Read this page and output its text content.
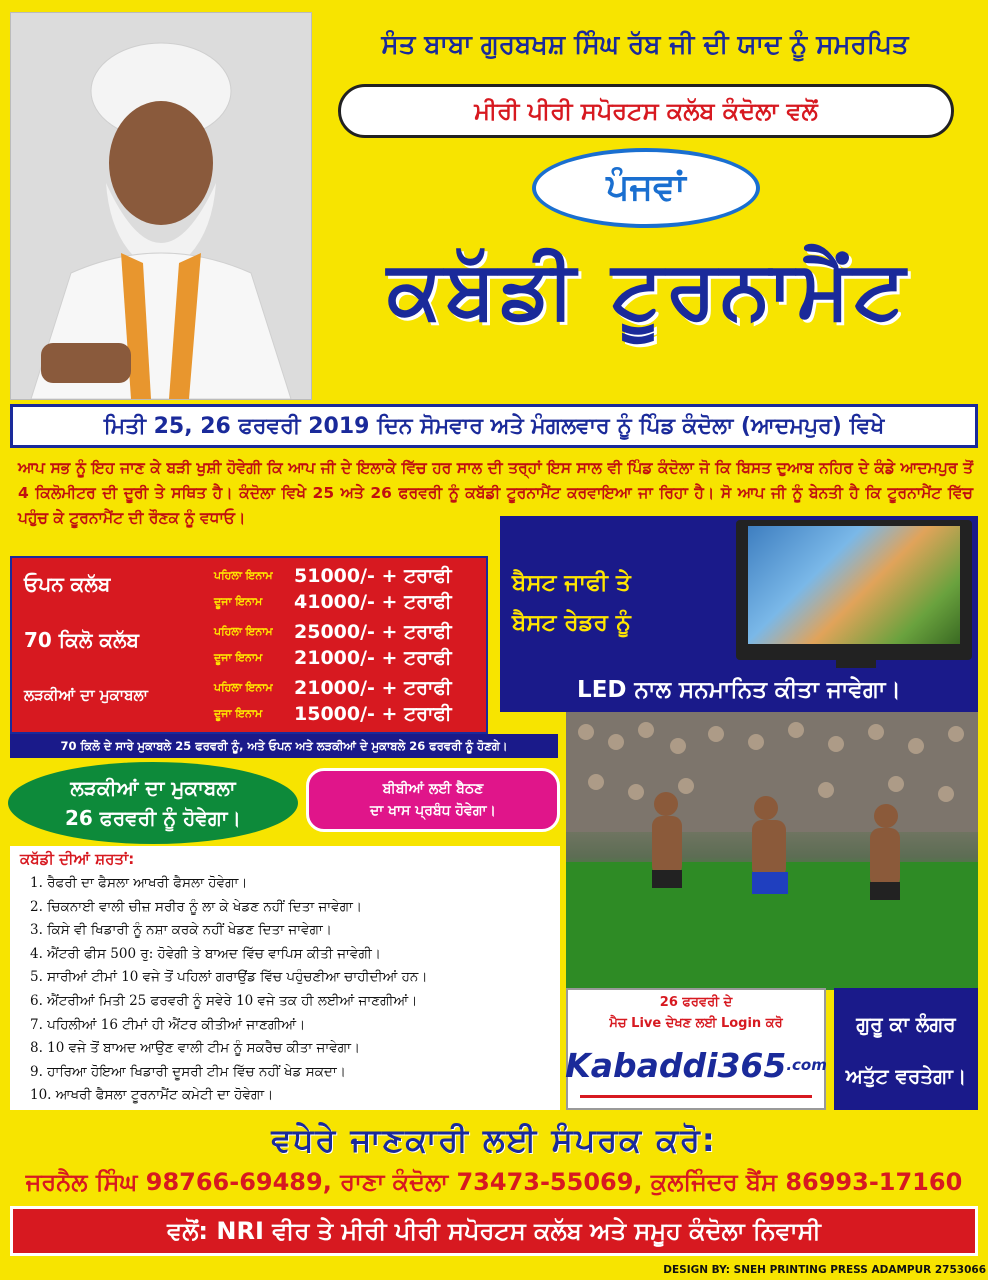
ਸੰਤ ਬਾਬਾ ਗੁਰਬਖਸ਼ ਸਿੰਘ ਰੱਬ ਜੀ ਦੀ ਯਾਦ ਨੂੰ ਸਮਰਪਿਤ
ਮੀਰੀ ਪੀਰੀ ਸਪੋਰਟਸ ਕਲੱਬ ਕੰਦੋਲਾ ਵਲੋਂ
ਪੰਜਵਾਂ
ਕਬੱਡੀ ਟੂਰਨਾਮੈਂਟ
ਮਿਤੀ 25, 26 ਫਰਵਰੀ 2019 ਦਿਨ ਸੋਮਵਾਰ ਅਤੇ ਮੰਗਲਵਾਰ ਨੂੰ ਪਿੰਡ ਕੰਦੋਲਾ (ਆਦਮਪੁਰ) ਵਿਖੇ
ਆਪ ਸਭ ਨੂੰ ਇਹ ਜਾਣ ਕੇ ਬੜੀ ਖੁਸ਼ੀ ਹੋਵੇਗੀ ਕਿ ਆਪ ਜੀ ਦੇ ਇਲਾਕੇ ਵਿੱਚ ਹਰ ਸਾਲ ਦੀ ਤਰ੍ਹਾਂ ਇਸ ਸਾਲ ਵੀ ਪਿੰਡ ਕੰਦੋਲਾ ਜੋ ਕਿ ਬਿਸਤ ਦੁਆਬ ਨਹਿਰ ਦੇ ਕੰਡੇ ਆਦਮਪੁਰ ਤੋਂ 4 ਕਿਲੋਮੀਟਰ ਦੀ ਦੂਰੀ ਤੇ ਸਥਿਤ ਹੈ। ਕੰਦੋਲਾ ਵਿਖੇ 25 ਅਤੇ 26 ਫਰਵਰੀ ਨੂੰ ਕਬੱਡੀ ਟੂਰਨਾਮੈਂਟ ਕਰਵਾਇਆ ਜਾ ਰਿਹਾ ਹੈ। ਸੋ ਆਪ ਜੀ ਨੂੰ ਬੇਨਤੀ ਹੈ ਕਿ ਟੂਰਨਾਮੈਂਟ ਵਿੱਚ ਪਹੁੰਚ ਕੇ ਟੂਰਨਾਮੈਂਟ ਦੀ ਰੌਣਕ ਨੂੰ ਵਧਾਓ।
ਓਪਨ ਕਲੱਬ	ਪਹਿਲਾ ਇਨਾਮ	51000/- + ਟਰਾਫੀ
ਦੂਜਾ ਇਨਾਮ	41000/- + ਟਰਾਫੀ
70 ਕਿਲੋ ਕਲੱਬ	ਪਹਿਲਾ ਇਨਾਮ	25000/- + ਟਰਾਫੀ
ਦੂਜਾ ਇਨਾਮ	21000/- + ਟਰਾਫੀ
ਲੜਕੀਆਂ ਦਾ ਮੁਕਾਬਲਾ	ਪਹਿਲਾ ਇਨਾਮ	21000/- + ਟਰਾਫੀ
ਦੂਜਾ ਇਨਾਮ	15000/- + ਟਰਾਫੀ
ਬੈਸਟ ਜਾਫੀ ਤੇ
ਬੈਸਟ ਰੇਡਰ ਨੂੰ
LED ਨਾਲ ਸਨਮਾਨਿਤ ਕੀਤਾ ਜਾਵੇਗਾ।
70 ਕਿਲੋ ਦੇ ਸਾਰੇ ਮੁਕਾਬਲੇ 25 ਫਰਵਰੀ ਨੂੰ, ਅਤੇ ਓਪਨ ਅਤੇ ਲੜਕੀਆਂ ਦੇ ਮੁਕਾਬਲੇ 26 ਫਰਵਰੀ ਨੂੰ ਹੋਣਗੇ।
ਲੜਕੀਆਂ ਦਾ ਮੁਕਾਬਲਾ
26 ਫਰਵਰੀ ਨੂੰ ਹੋਵੇਗਾ।
ਬੀਬੀਆਂ ਲਈ ਬੈਠਣ
ਦਾ ਖਾਸ ਪ੍ਰਬੰਧ ਹੋਵੇਗਾ।
ਕਬੱਡੀ ਦੀਆਂ ਸ਼ਰਤਾਂ:
1. ਰੈਫਰੀ ਦਾ ਫੈਸਲਾ ਆਖਰੀ ਫੈਸਲਾ ਹੋਵੇਗਾ।
2. ਚਿਕਨਾਈ ਵਾਲੀ ਚੀਜ਼ ਸਰੀਰ ਨੂੰ ਲਾ ਕੇ ਖੇਡਣ ਨਹੀਂ ਦਿਤਾ ਜਾਵੇਗਾ।
3. ਕਿਸੇ ਵੀ ਖਿਡਾਰੀ ਨੂੰ ਨਸ਼ਾ ਕਰਕੇ ਨਹੀਂ ਖੇਡਣ ਦਿਤਾ ਜਾਵੇਗਾ।
4. ਐਂਟਰੀ ਫੀਸ 500 ਰੁ: ਹੋਵੇਗੀ ਤੇ ਬਾਅਦ ਵਿੱਚ ਵਾਪਿਸ ਕੀਤੀ ਜਾਵੇਗੀ।
5. ਸਾਰੀਆਂ ਟੀਮਾਂ 10 ਵਜੇ ਤੋਂ ਪਹਿਲਾਂ ਗਰਾਉਂਡ ਵਿੱਚ ਪਹੁੰਚਣੀਆ ਚਾਹੀਦੀਆਂ ਹਨ।
6. ਐਂਟਰੀਆਂ ਮਿਤੀ 25 ਫਰਵਰੀ ਨੂੰ ਸਵੇਰੇ 10 ਵਜੇ ਤਕ ਹੀ ਲਈਆਂ ਜਾਣਗੀਆਂ।
7. ਪਹਿਲੀਆਂ 16 ਟੀਮਾਂ ਹੀ ਐਂਟਰ ਕੀਤੀਆਂ ਜਾਣਗੀਆਂ।
8. 10 ਵਜੇ ਤੋਂ ਬਾਅਦ ਆਉਣ ਵਾਲੀ ਟੀਮ ਨੂੰ ਸਕਰੈਚ ਕੀਤਾ ਜਾਵੇਗਾ।
9. ਹਾਰਿਆ ਹੋਇਆ ਖਿਡਾਰੀ ਦੂਸਰੀ ਟੀਮ ਵਿੱਚ ਨਹੀਂ ਖੇਡ ਸਕਦਾ।
10. ਆਖਰੀ ਫੈਸਲਾ ਟੂਰਨਾਮੈਂਟ ਕਮੇਟੀ ਦਾ ਹੋਵੇਗਾ।
26 ਫਰਵਰੀ ਦੇ
ਮੈਚ Live ਦੇਖਣ ਲਈ Login ਕਰੋ
Kabaddi365 .com
ਗੁਰੂ ਕਾ ਲੰਗਰ
ਅਤੁੱਟ ਵਰਤੇਗਾ।
ਵਧੇਰੇ ਜਾਣਕਾਰੀ ਲਈ ਸੰਪਰਕ ਕਰੋ:
ਜਰਨੈਲ ਸਿੰਘ 98766-69489, ਰਾਣਾ ਕੰਦੋਲਾ 73473-55069, ਕੁਲਜਿੰਦਰ ਬੈਂਸ 86993-17160
ਵਲੋਂ: NRI ਵੀਰ ਤੇ ਮੀਰੀ ਪੀਰੀ ਸਪੋਰਟਸ ਕਲੱਬ ਅਤੇ ਸਮੂਹ ਕੰਦੋਲਾ ਨਿਵਾਸੀ
DESIGN BY: SNEH PRINTING PRESS ADAMPUR 2753066
